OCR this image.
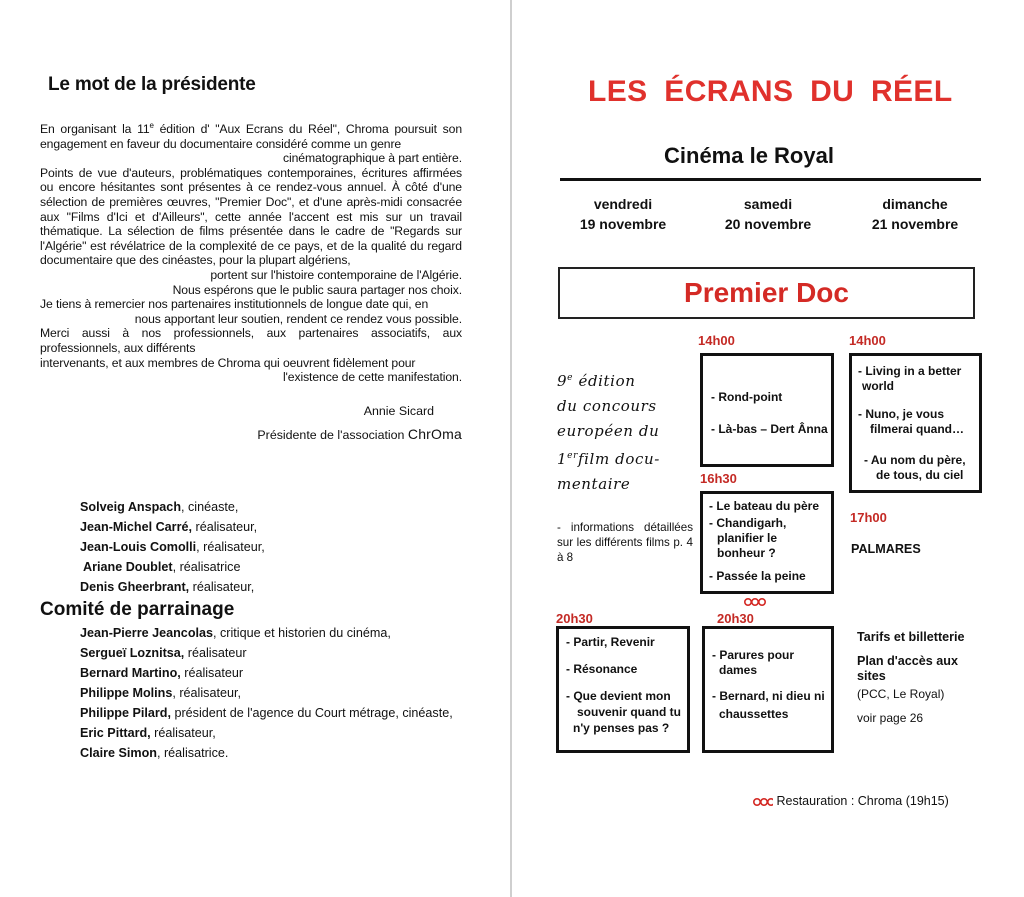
Le mot de la présidente

En organisant la 11e édition d' "Aux Ecrans du Réel", Chroma poursuit son engagement en faveur du documentaire considéré comme un genre

cinématographique à part entière.

Points de vue d'auteurs, problématiques contemporaines, écritures affirmées ou encore hésitantes sont présentes à ce rendez-vous annuel. À côté d'une sélection de premières œuvres, "Premier Doc", et d'une après-midi consacrée aux "Films d'Ici et d'Ailleurs", cette année l'accent est mis sur un travail thématique. La sélection de films présentée dans le cadre de "Regards sur l'Algérie" est révélatrice de la complexité de ce pays, et de la qualité du regard documentaire que des cinéastes, pour la plupart algériens,

portent sur l'histoire contemporaine de l'Algérie.

Nous espérons que le public saura partager nos choix.

Je tiens à remercier nos partenaires institutionnels de longue date qui, en

nous apportant leur soutien, rendent ce rendez vous possible.

Merci aussi à nos professionnels, aux partenaires associatifs, aux professionnels, aux différents

intervenants, et aux membres de Chroma qui oeuvrent fidèlement pour

l'existence de cette manifestation.

Annie Sicard
Présidente de l'association ChrOma
Solveig Anspach, cinéaste,
Jean-Michel Carré, réalisateur,
Jean-Louis Comolli, réalisateur,
Ariane Doublet, réalisatrice
Denis Gheerbrant, réalisateur,
Comité de parrainage
Jean-Pierre Jeancolas, critique et historien du cinéma,
Sergueï Loznitsa, réalisateur
Bernard Martino, réalisateur
Philippe Molins, réalisateur,
Philippe Pilard, président de l'agence du Court métrage, cinéaste,
Eric Pittard, réalisateur,
Claire Simon, réalisatrice.
LES ÉCRANS DU RÉEL
Cinéma le Royal
vendredi
19 novembre
samedi
20 novembre
dimanche
21 novembre
Premier Doc
9e édition
du concours
européen du
1erfilm docu-
mentaire
- informations détaillées sur les différents films p. 4 à 8
14h00
- Rond-point
- Là-bas – Dert Ânna
14h00
- Living in a better
world
- Nuno, je vous
filmerai quand…
- Au nom du père,
de tous, du ciel
16h30
- Le bateau du père
- Chandigarh,
planifier le
bonheur ?
- Passée la peine
17h00
PALMARES
20h30
- Partir, Revenir
- Résonance
- Que devient mon
souvenir quand tu
n'y penses pas ?
20h30
- Parures pour
dames
- Bernard, ni dieu ni
chaussettes
Tarifs et billetterie
Plan d'accès aux
sites
(PCC, Le Royal)
voir page 26
Restauration : Chroma (19h15)
